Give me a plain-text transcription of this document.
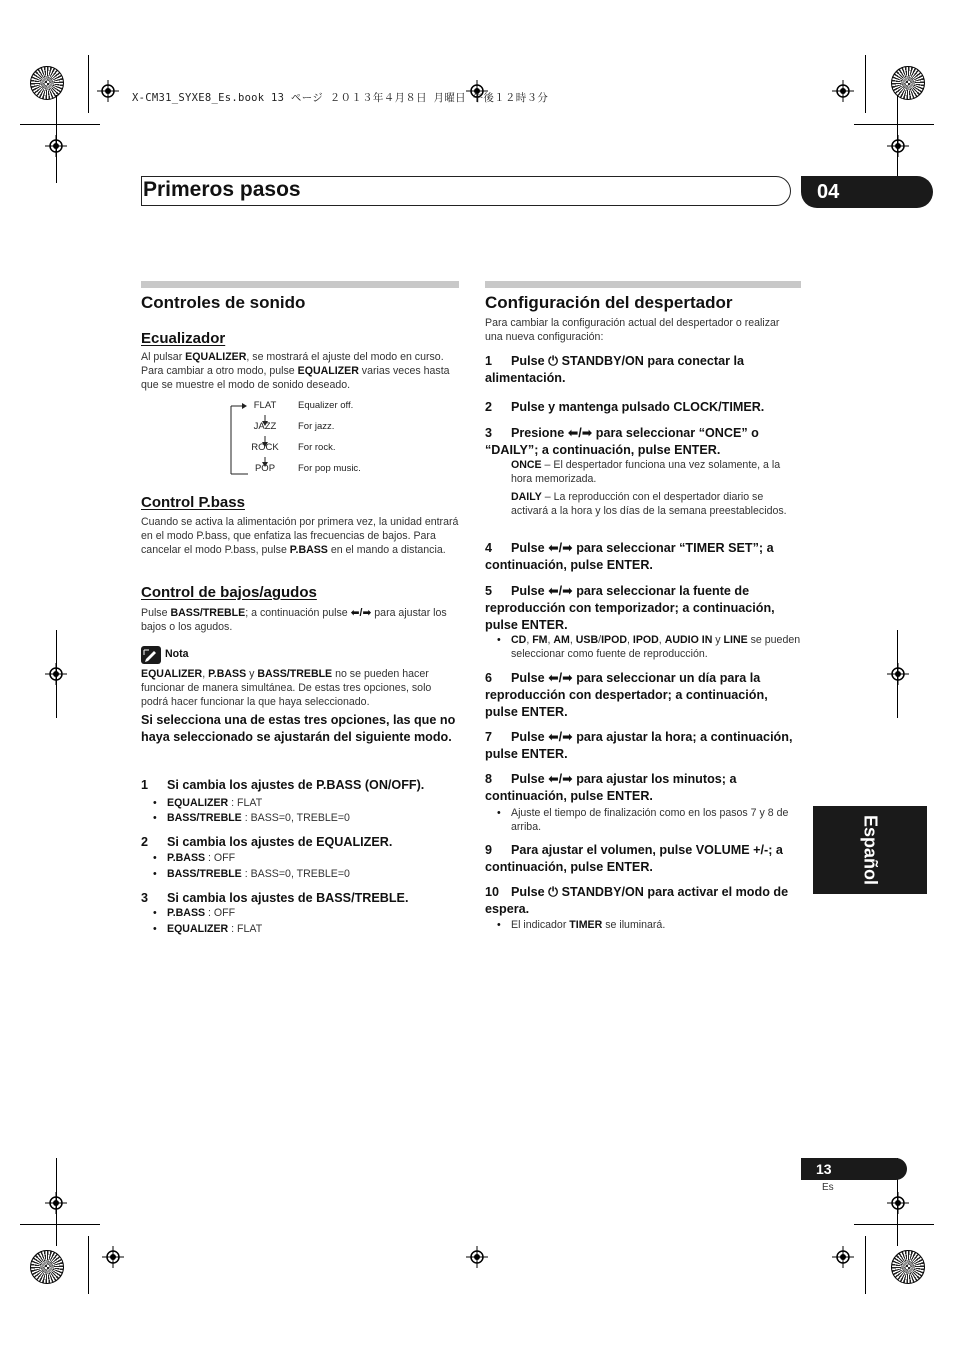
X-CM31_SYXE8_Es.book 13 ページ ２０１３年４月８日 月曜日 午後１２時３分
Primeros pasos	04
Controles de sonido
Ecualizador
Al pulsar EQUALIZER, se mostrará el ajuste del modo en curso. Para cambiar a otro modo, pulse EQUALIZER varias veces hasta que se muestre el modo de sonido deseado.
FLAT	Equalizer off.
JAZZ	For jazz.
ROCK	For rock.
POP	For pop music.
Control P.bass
Cuando se activa la alimentación por primera vez, la unidad entrará en el modo P.bass, que enfatiza las frecuencias de bajos. Para cancelar el modo P.bass, pulse P.BASS en el mando a distancia.
Control de bajos/agudos
Pulse BASS/TREBLE; a continuación pulse ⬅/➡ para ajustar los bajos o los agudos.
Nota
EQUALIZER, P.BASS y BASS/TREBLE no se pueden hacer funcionar de manera simultánea. De estas tres opciones, solo podrá hacer funcionar la que haya seleccionado.
Si selecciona una de estas tres opciones, las que no haya seleccionado se ajustarán del siguiente modo.
1 Si cambia los ajustes de P.BASS (ON/OFF).
• EQUALIZER : FLAT
• BASS/TREBLE : BASS=0, TREBLE=0
2 Si cambia los ajustes de EQUALIZER.
• P.BASS : OFF
• BASS/TREBLE : BASS=0, TREBLE=0
3 Si cambia los ajustes de BASS/TREBLE.
• P.BASS : OFF
• EQUALIZER : FLAT
Configuración del despertador
Para cambiar la configuración actual del despertador o realizar una nueva configuración:
1 Pulse ⏻ STANDBY/ON para conectar la alimentación.
2 Pulse y mantenga pulsado CLOCK/TIMER.
3 Presione ⬅/➡ para seleccionar “ONCE” o “DAILY”; a continuación, pulse ENTER.
ONCE – El despertador funciona una vez solamente, a la hora memorizada.
DAILY – La reproducción con el despertador diario se activará a la hora y los días de la semana preestablecidos.
4 Pulse ⬅/➡ para seleccionar “TIMER SET”; a continuación, pulse ENTER.
5 Pulse ⬅/➡ para seleccionar la fuente de reproducción con temporizador; a continuación, pulse ENTER.
• CD, FM, AM, USB/IPOD, IPOD, AUDIO IN y LINE se pueden seleccionar como fuente de reproducción.
6 Pulse ⬅/➡ para seleccionar un día para la reproducción con despertador; a continuación, pulse ENTER.
7 Pulse ⬅/➡ para ajustar la hora; a continuación, pulse ENTER.
8 Pulse ⬅/➡ para ajustar los minutos; a continuación, pulse ENTER.
• Ajuste el tiempo de finalización como en los pasos 7 y 8 de arriba.
9 Para ajustar el volumen, pulse VOLUME +/-; a continuación, pulse ENTER.
10 Pulse ⏻ STANDBY/ON para activar el modo de espera.
• El indicador TIMER se iluminará.
Español
13
Es
